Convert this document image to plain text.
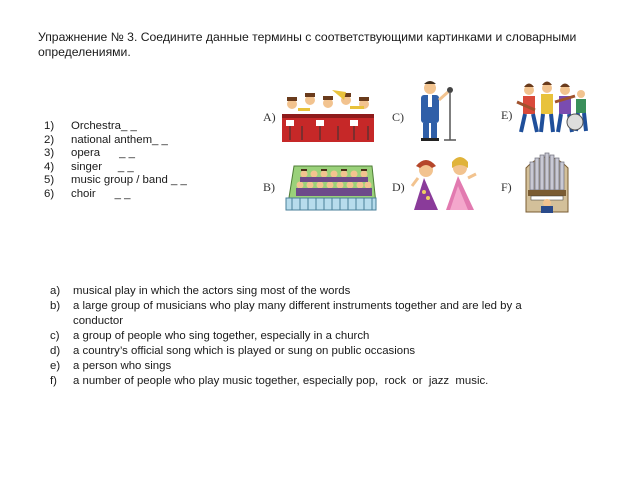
Упражнение № 3. Соедините данные термины с соответствующими картинками и словарными определениями.
1)	Orchestra_ _
2)	national anthem_ _
3)	opera      _ _
4)	singer     _ _
5)	music group / band _ _
6)	choir      _ _
A)
B)
C)
D)
E)
F)
a)	musical play in which the actors sing most of the words
b)	a large group of musicians who play many different instruments together and are led by a conductor
c)	a group of people who sing together, especially in a church
d)	a country’s official song which is played or sung on public occasions
e)	a person who sings
f)	a number of people who play music together, especially pop,  rock  or  jazz  music.
